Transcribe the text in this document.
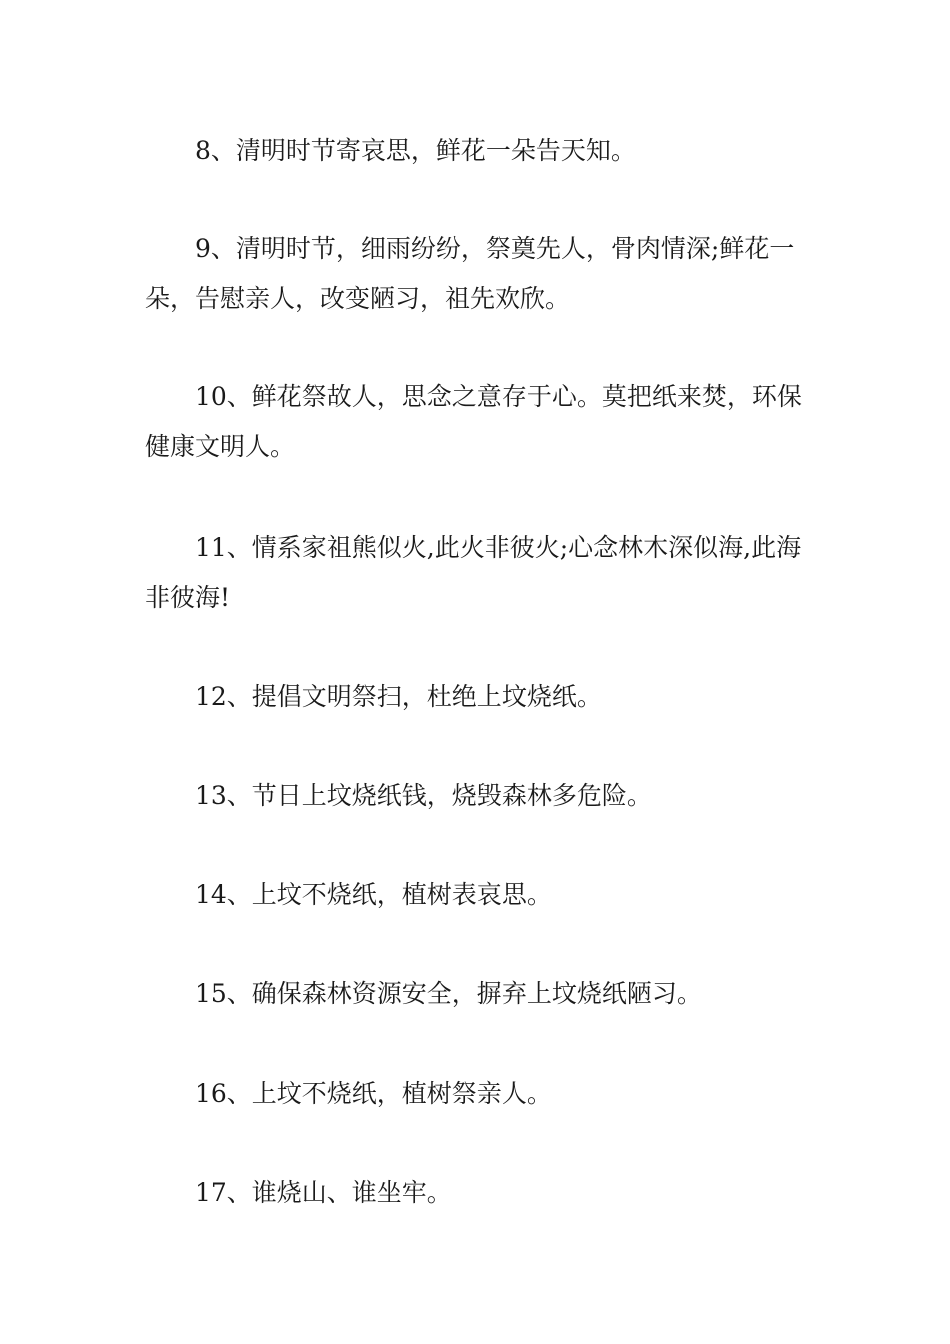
8、清明时节寄哀思，鲜花一朵告天知。

9、清明时节，细雨纷纷，祭奠先人，骨肉情深;鲜花一朵，告慰亲人，改变陋习，祖先欢欣。

10、鲜花祭故人，思念之意存于心。莫把纸来焚，环保健康文明人。

11、情系家祖熊似火,此火非彼火;心念林木深似海,此海非彼海!

12、提倡文明祭扫，杜绝上坟烧纸。

13、节日上坟烧纸钱，烧毁森林多危险。

14、上坟不烧纸，植树表哀思。

15、确保森林资源安全，摒弃上坟烧纸陋习。

16、上坟不烧纸，植树祭亲人。

17、谁烧山、谁坐牢。
